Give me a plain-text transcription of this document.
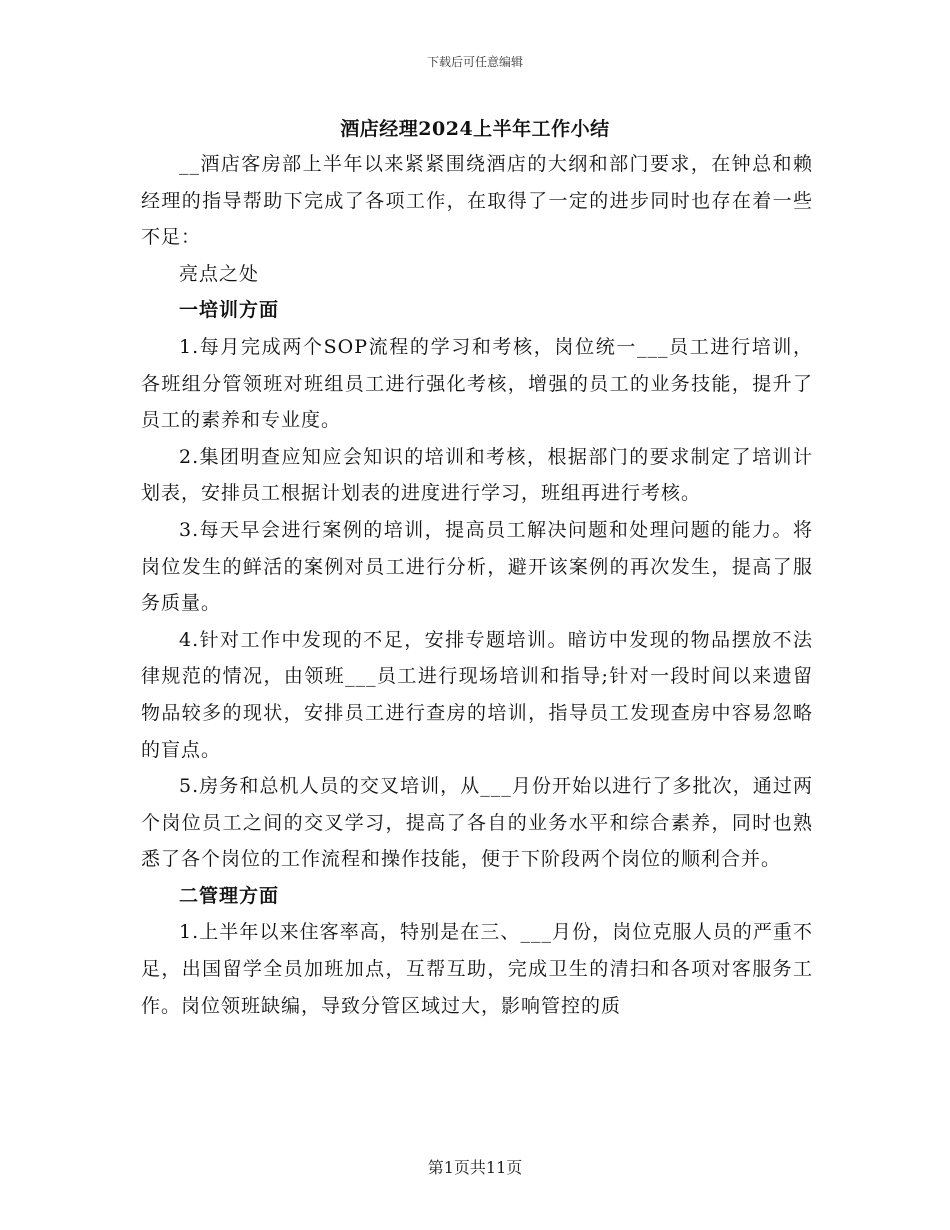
下载后可任意编辑
酒店经理2024上半年工作小结

__酒店客房部上半年以来紧紧围绕酒店的大纲和部门要求，在钟总和赖经理的指导帮助下完成了各项工作，在取得了一定的进步同时也存在着一些不足：

亮点之处

一培训方面

1.每月完成两个SOP流程的学习和考核，岗位统一___员工进行培训，各班组分管领班对班组员工进行强化考核，增强的员工的业务技能，提升了员工的素养和专业度。

2.集团明查应知应会知识的培训和考核，根据部门的要求制定了培训计划表，安排员工根据计划表的进度进行学习，班组再进行考核。

3.每天早会进行案例的培训，提高员工解决问题和处理问题的能力。将岗位发生的鲜活的案例对员工进行分析，避开该案例的再次发生，提高了服务质量。

4.针对工作中发现的不足，安排专题培训。暗访中发现的物品摆放不法律规范的情况，由领班___员工进行现场培训和指导;针对一段时间以来遗留物品较多的现状，安排员工进行查房的培训，指导员工发现查房中容易忽略的盲点。

5.房务和总机人员的交叉培训，从___月份开始以进行了多批次，通过两个岗位员工之间的交叉学习，提高了各自的业务水平和综合素养，同时也熟悉了各个岗位的工作流程和操作技能，便于下阶段两个岗位的顺利合并。

二管理方面

1.上半年以来住客率高，特别是在三、___月份，岗位克服人员的严重不足，出国留学全员加班加点，互帮互助，完成卫生的清扫和各项对客服务工作。岗位领班缺编，导致分管区域过大，影响管控的质

第1页共11页
